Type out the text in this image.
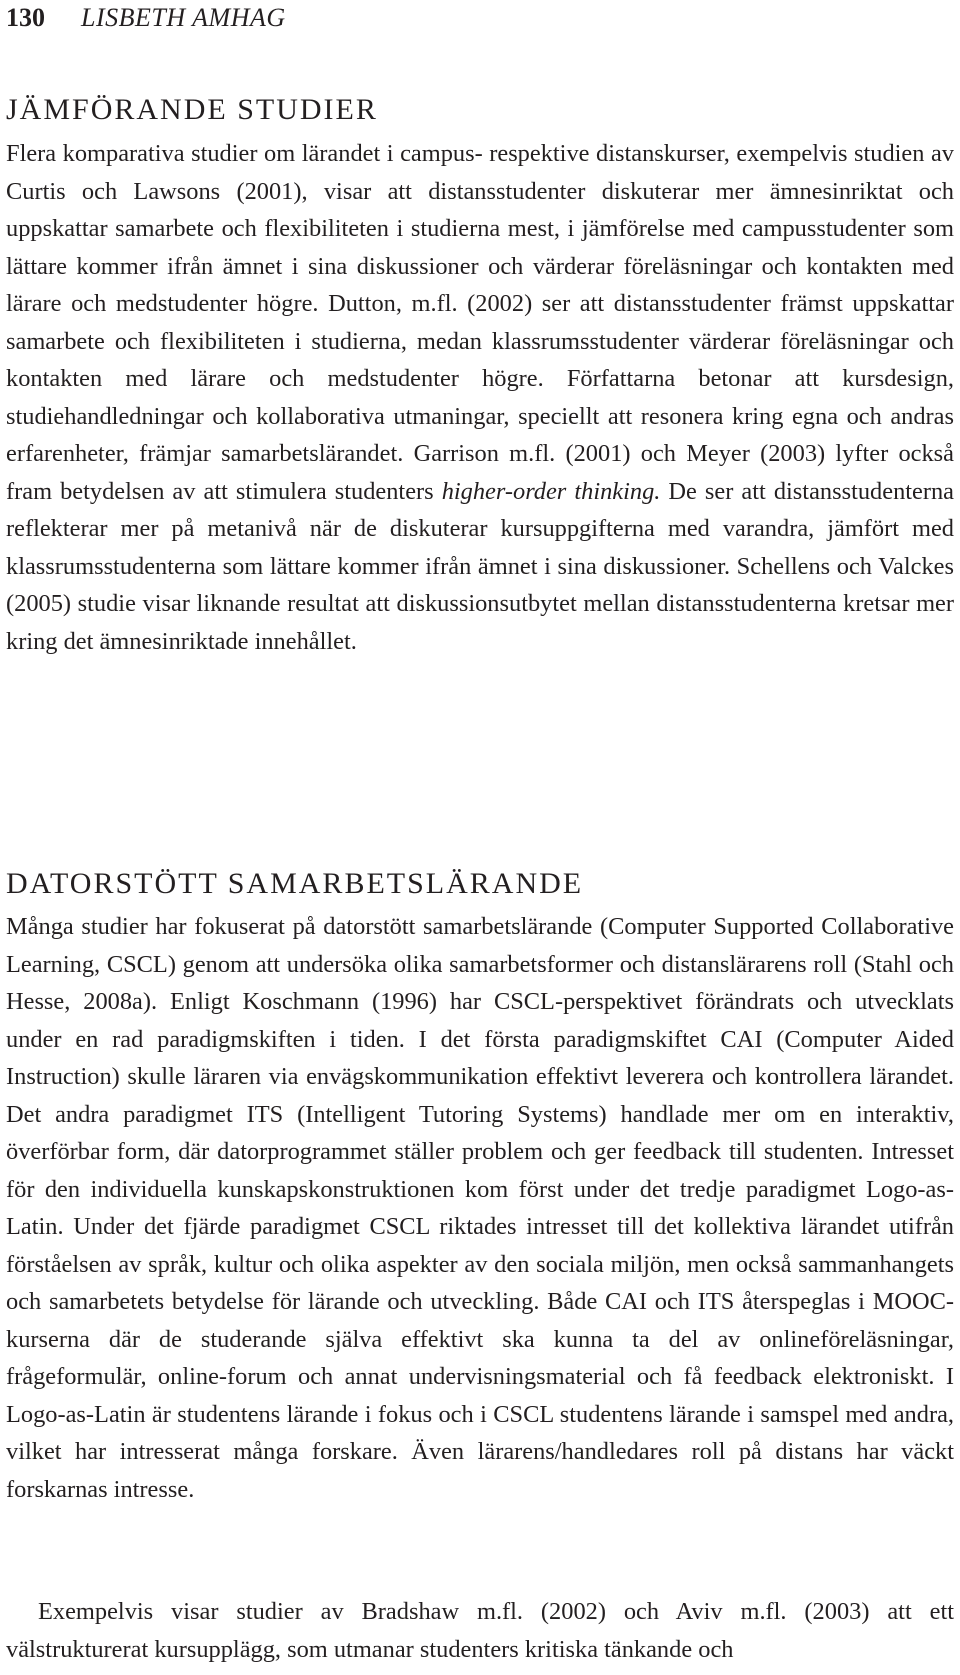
130 LISBETH AMHAG
JÄMFÖRANDE STUDIER

Flera komparativa studier om lärandet i campus- respektive distanskurser, exempelvis studien av Curtis och Lawsons (2001), visar att distansstudenter diskuterar mer ämnesinriktat och uppskattar samarbete och flexibiliteten i studierna mest, i jämförelse med campusstudenter som lättare kommer ifrån ämnet i sina diskussioner och värderar föreläsningar och kontakten med lärare och medstudenter högre. Dutton, m.fl. (2002) ser att distansstudenter främst uppskattar samarbete och flexibiliteten i studierna, medan klassrumsstudenter värderar föreläsningar och kontakten med lärare och medstudenter högre. Författarna betonar att kursdesign, studiehandledningar och kollaborativa utmaningar, speciellt att resonera kring egna och andras erfarenheter, främjar samarbetslärandet. Garrison m.fl. (2001) och Meyer (2003) lyfter också fram betydelsen av att stimulera studenters higher-order thinking. De ser att distansstudenterna reflekterar mer på metanivå när de diskuterar kursuppgifterna med varandra, jämfört med klassrumsstudenterna som lättare kommer ifrån ämnet i sina diskussioner. Schellens och Valckes (2005) studie visar liknande resultat att diskussionsutbytet mellan distansstudenterna kretsar mer kring det ämnesinriktade innehållet.

DATORSTÖTT SAMARBETSLÄRANDE

Många studier har fokuserat på datorstött samarbetslärande (Computer Supported Collaborative Learning, CSCL) genom att undersöka olika samarbetsformer och distanslärarens roll (Stahl och Hesse, 2008a). Enligt Koschmann (1996) har CSCL-perspektivet förändrats och utvecklats under en rad paradigmskiften i tiden. I det första paradigmskiftet CAI (Computer Aided Instruction) skulle läraren via envägskommunikation effektivt leverera och kontrollera lärandet. Det andra paradigmet ITS (Intelligent Tutoring Systems) handlade mer om en interaktiv, överförbar form, där datorprogrammet ställer problem och ger feedback till studenten. Intresset för den individuella kunskapskonstruktionen kom först under det tredje paradigmet Logo-as-Latin. Under det fjärde paradigmet CSCL riktades intresset till det kollektiva lärandet utifrån förståelsen av språk, kultur och olika aspekter av den sociala miljön, men också sammanhangets och samarbetets betydelse för lärande och utveckling. Både CAI och ITS återspeglas i MOOC-kurserna där de studerande själva effektivt ska kunna ta del av onlineföreläsningar, frågeformulär, online-forum och annat undervisningsmaterial och få feedback elektroniskt. I Logo-as-Latin är studentens lärande i fokus och i CSCL studentens lärande i samspel med andra, vilket har intresserat många forskare. Även lärarens/handledares roll på distans har väckt forskarnas intresse.

Exempelvis visar studier av Bradshaw m.fl. (2002) och Aviv m.fl. (2003) att ett välstrukturerat kursupplägg, som utmanar studenters kritiska tänkande och
